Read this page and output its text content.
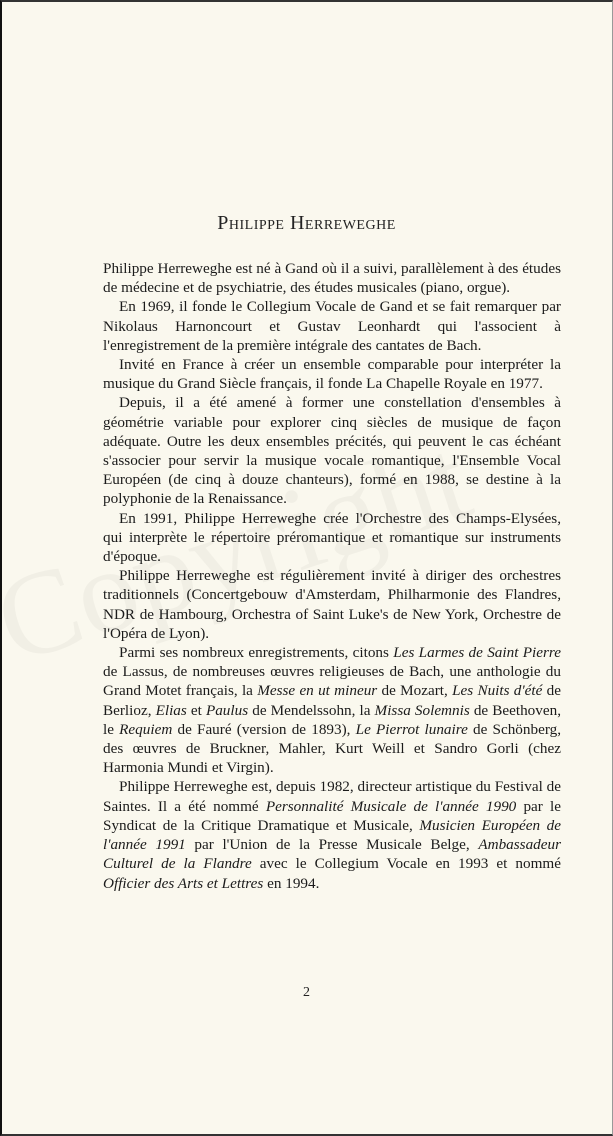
Philippe Herreweghe

Philippe Herreweghe est né à Gand où il a suivi, parallèlement à des études de médecine et de psychiatrie, des études musicales (piano, orgue).

En 1969, il fonde le Collegium Vocale de Gand et se fait remarquer par Nikolaus Harnoncourt et Gustav Leonhardt qui l'associent à l'enregistrement de la première intégrale des cantates de Bach.

Invité en France à créer un ensemble comparable pour interpréter la musique du Grand Siècle français, il fonde La Chapelle Royale en 1977.

Depuis, il a été amené à former une constellation d'ensembles à géométrie variable pour explorer cinq siècles de musique de façon adéquate. Outre les deux ensembles précités, qui peuvent le cas échéant s'associer pour servir la musique vocale romantique, l'Ensemble Vocal Européen (de cinq à douze chanteurs), formé en 1988, se destine à la polyphonie de la Renaissance.

En 1991, Philippe Herreweghe crée l'Orchestre des Champs-Elysées, qui interprète le répertoire préromantique et romantique sur instruments d'époque.

Philippe Herreweghe est régulièrement invité à diriger des orchestres traditionnels (Concertgebouw d'Amsterdam, Philharmonie des Flandres, NDR de Hambourg, Orchestra of Saint Luke's de New York, Orchestre de l'Opéra de Lyon).

Parmi ses nombreux enregistrements, citons Les Larmes de Saint Pierre de Lassus, de nombreuses œuvres religieuses de Bach, une anthologie du Grand Motet français, la Messe en ut mineur de Mozart, Les Nuits d'été de Berlioz, Elias et Paulus de Mendelssohn, la Missa Solemnis de Beethoven, le Requiem de Fauré (version de 1893), Le Pierrot lunaire de Schönberg, des œuvres de Bruckner, Mahler, Kurt Weill et Sandro Gorli (chez Harmonia Mundi et Virgin).

Philippe Herreweghe est, depuis 1982, directeur artistique du Festival de Saintes. Il a été nommé Personnalité Musicale de l'année 1990 par le Syndicat de la Critique Dramatique et Musicale, Musicien Européen de l'année 1991 par l'Union de la Presse Musicale Belge, Ambassadeur Culturel de la Flandre avec le Collegium Vocale en 1993 et nommé Officier des Arts et Lettres en 1994.

2
